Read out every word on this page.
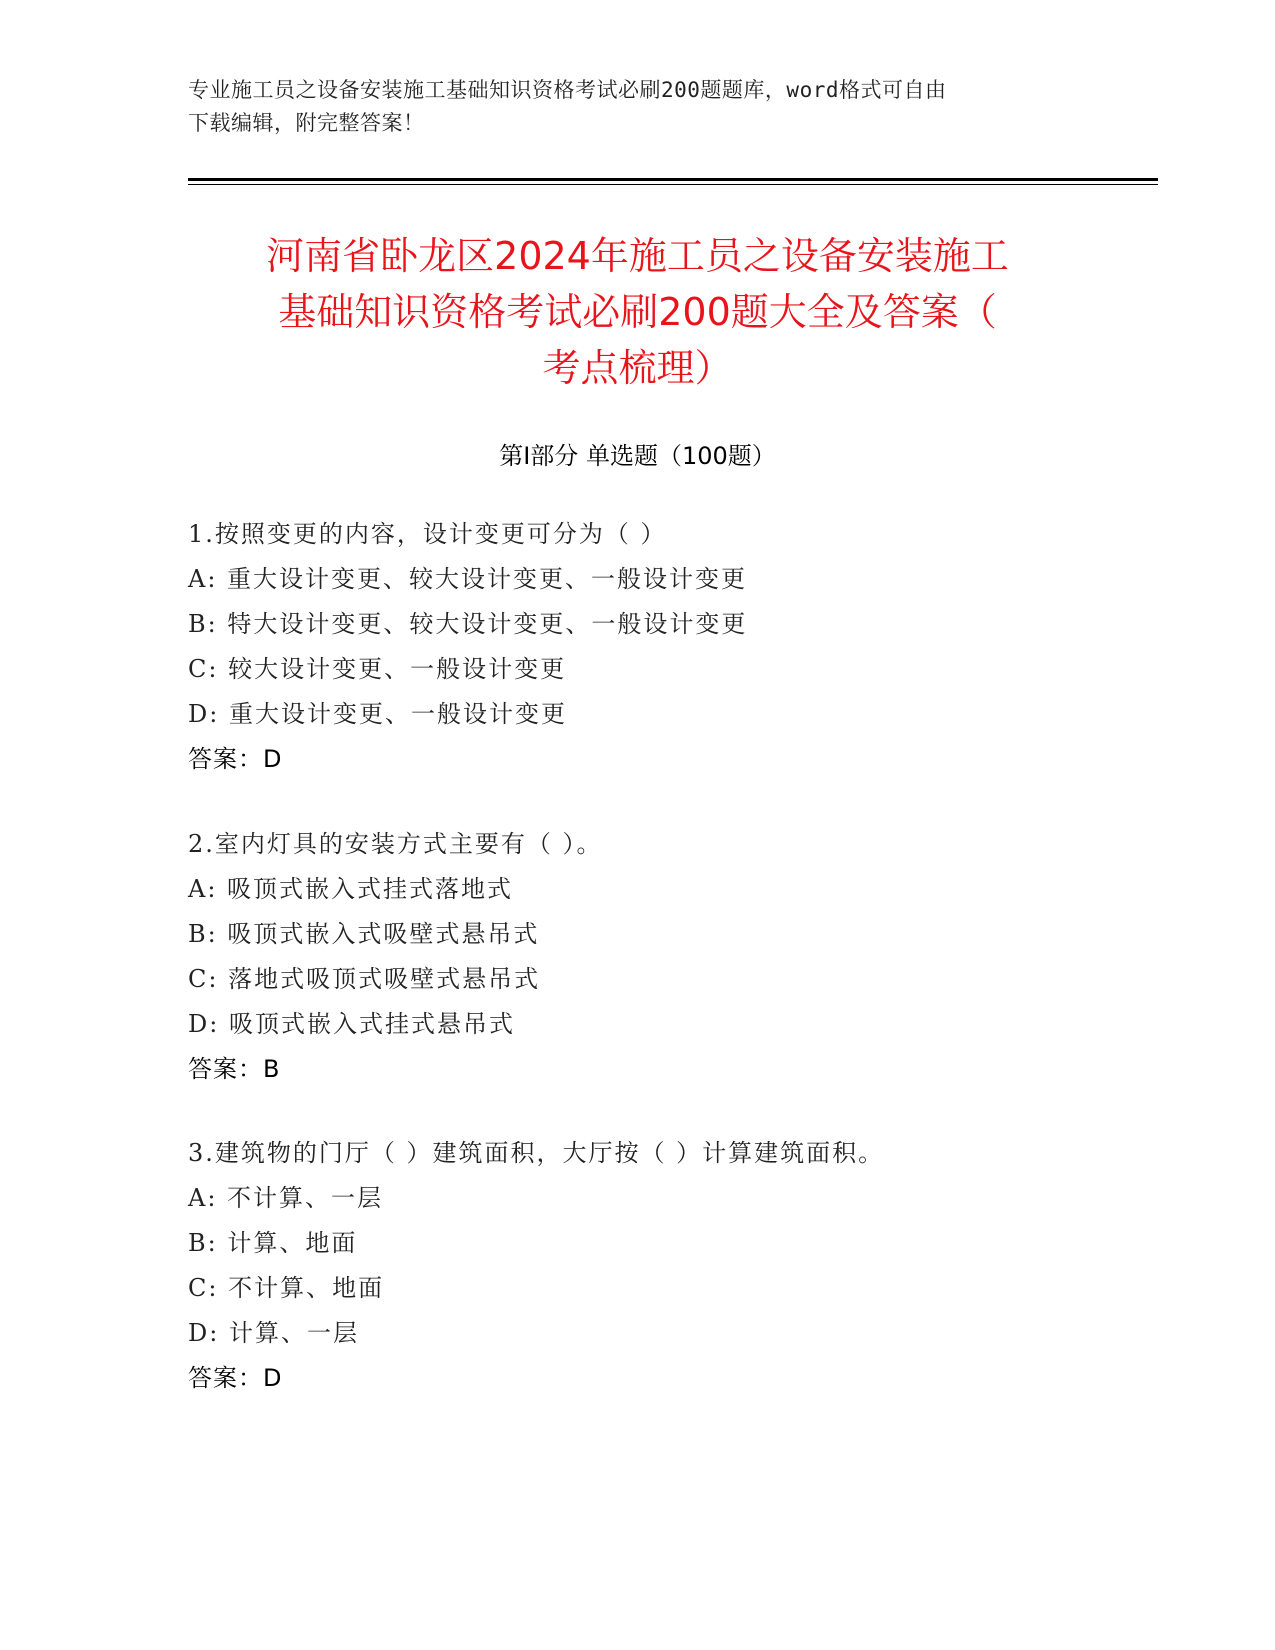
专业施工员之设备安装施工基础知识资格考试必刷200题题库，word格式可自由
下载编辑，附完整答案！
河南省卧龙区2024年施工员之设备安装施工
基础知识资格考试必刷200题大全及答案（
考点梳理）
第Ⅰ部分 单选题（100题）
1.按照变更的内容，设计变更可分为（ ）
A: 重大设计变更、较大设计变更、一般设计变更
B: 特大设计变更、较大设计变更、一般设计变更
C: 较大设计变更、一般设计变更
D: 重大设计变更、一般设计变更
答案：D
2.室内灯具的安装方式主要有（ ）。
A: 吸顶式嵌入式挂式落地式
B: 吸顶式嵌入式吸壁式悬吊式
C: 落地式吸顶式吸壁式悬吊式
D: 吸顶式嵌入式挂式悬吊式
答案：B
3.建筑物的门厅（ ）建筑面积，大厅按（ ）计算建筑面积。
A: 不计算、一层
B: 计算、地面
C: 不计算、地面
D: 计算、一层
答案：D
